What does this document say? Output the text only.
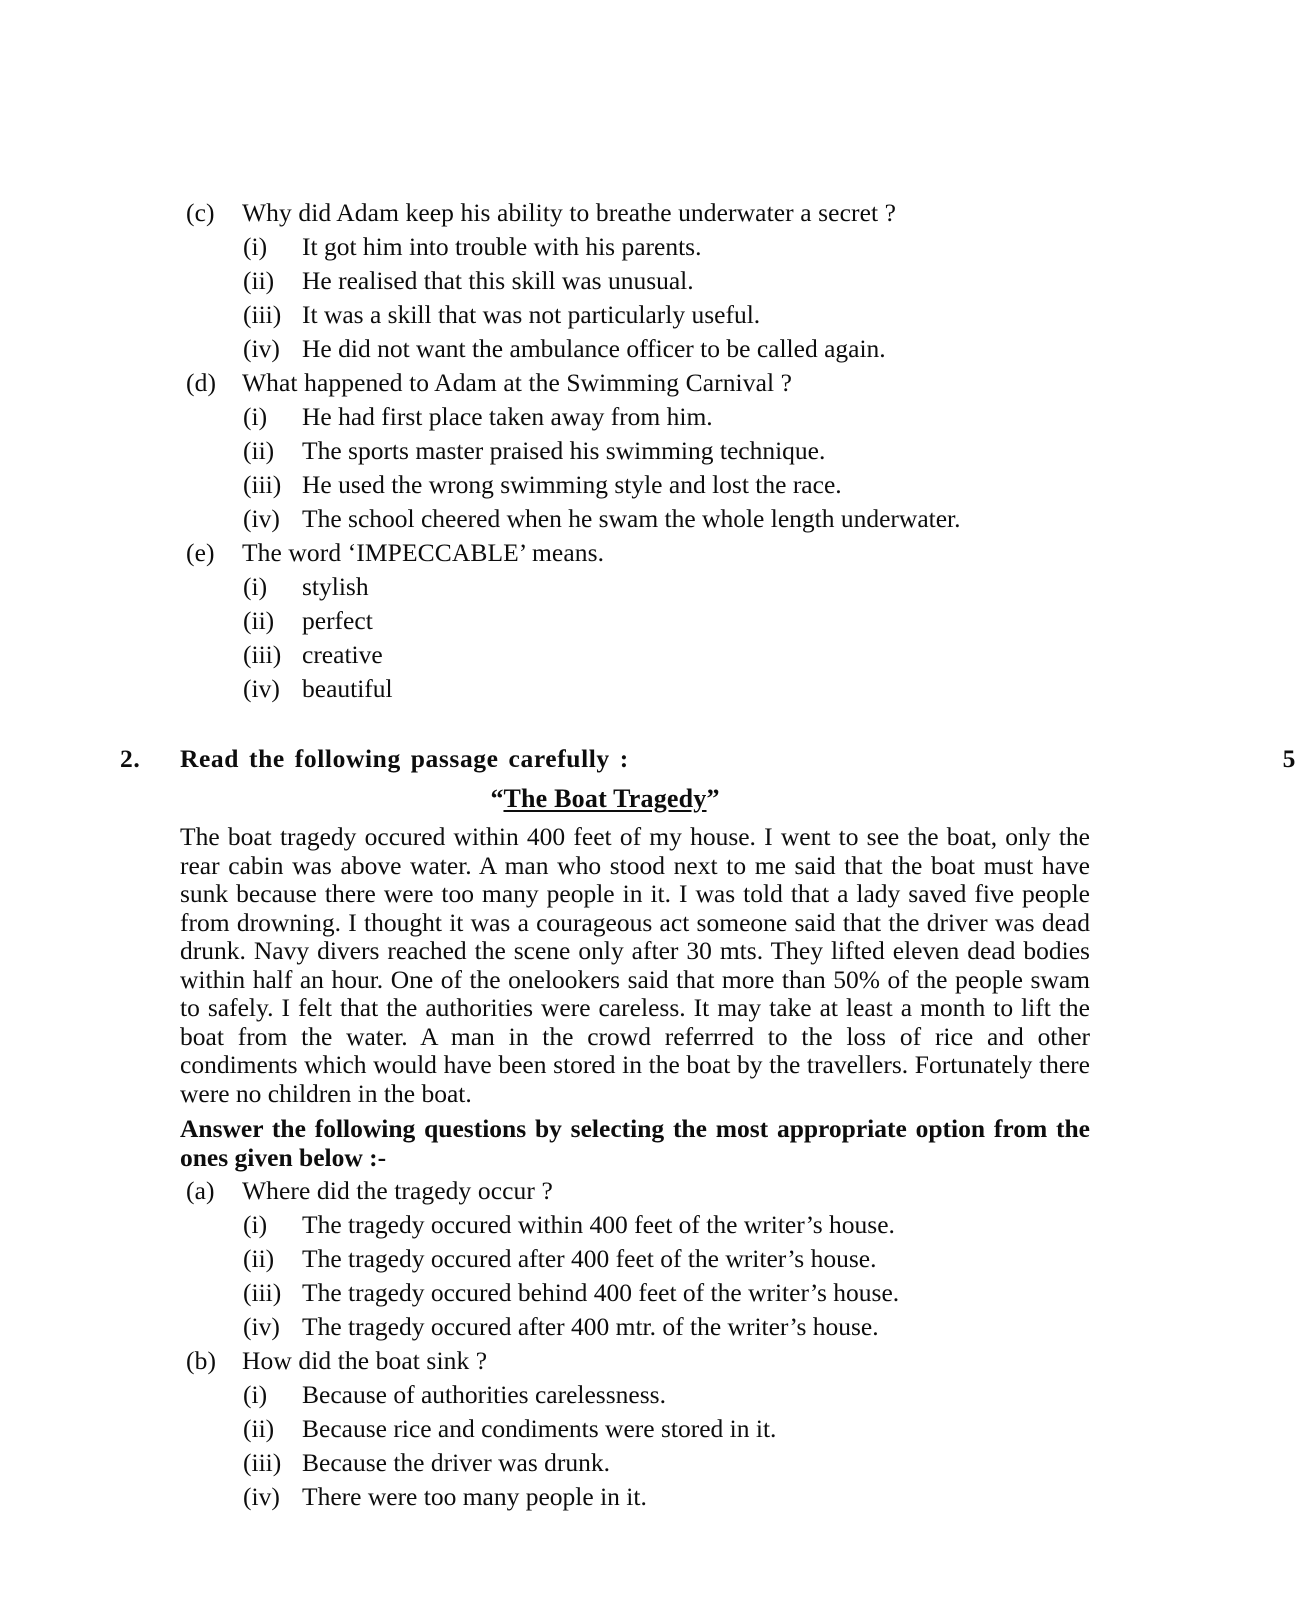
(c)	Why did Adam keep his ability to breathe underwater a secret ?
(i)	It got him into trouble with his parents.
(ii)	He realised that this skill was unusual.
(iii) It was a skill that was not particularly useful.
(iv) He did not want the ambulance officer to be called again.
(d)	What happened to Adam at the Swimming Carnival ?
(i)	He had first place taken away from him.
(ii)	The sports master praised his swimming technique.
(iii) He used the wrong swimming style and lost the race.
(iv) The school cheered when he swam the whole length underwater.
(e)	The word ‘IMPECCABLE’ means.
(i)	stylish
(ii)	perfect
(iii) creative
(iv) beautiful
2.	Read the following passage carefully :	5
“The Boat Tragedy”

The boat tragedy occured within 400 feet of my house. I went to see the boat, only the rear cabin was above water. A man who stood next to me said that the boat must have sunk because there were too many people in it. I was told that a lady saved five people from drowning. I thought it was a courageous act someone said that the driver was dead drunk. Navy divers reached the scene only after 30 mts. They lifted eleven dead bodies within half an hour. One of the onelookers said that more than 50% of the people swam to safely. I felt that the authorities were careless. It may take at least a month to lift the boat from the water. A man in the crowd referrred to the loss of rice and other condiments which would have been stored in the boat by the travellers. Fortunately there were no children in the boat.

Answer the following questions by selecting the most appropriate option from the ones given below :-
(a)	Where did the tragedy occur ?
(i)	The tragedy occured within 400 feet of the writer’s house.
(ii)	The tragedy occured after 400 feet of the writer’s house.
(iii) The tragedy occured behind 400 feet of the writer’s house.
(iv) The tragedy occured after 400 mtr. of the writer’s house.
(b)	How did the boat sink ?
(i)	Because of authorities carelessness.
(ii)	Because rice and condiments were stored in it.
(iii) Because the driver was drunk.
(iv) There were too many people in it.
